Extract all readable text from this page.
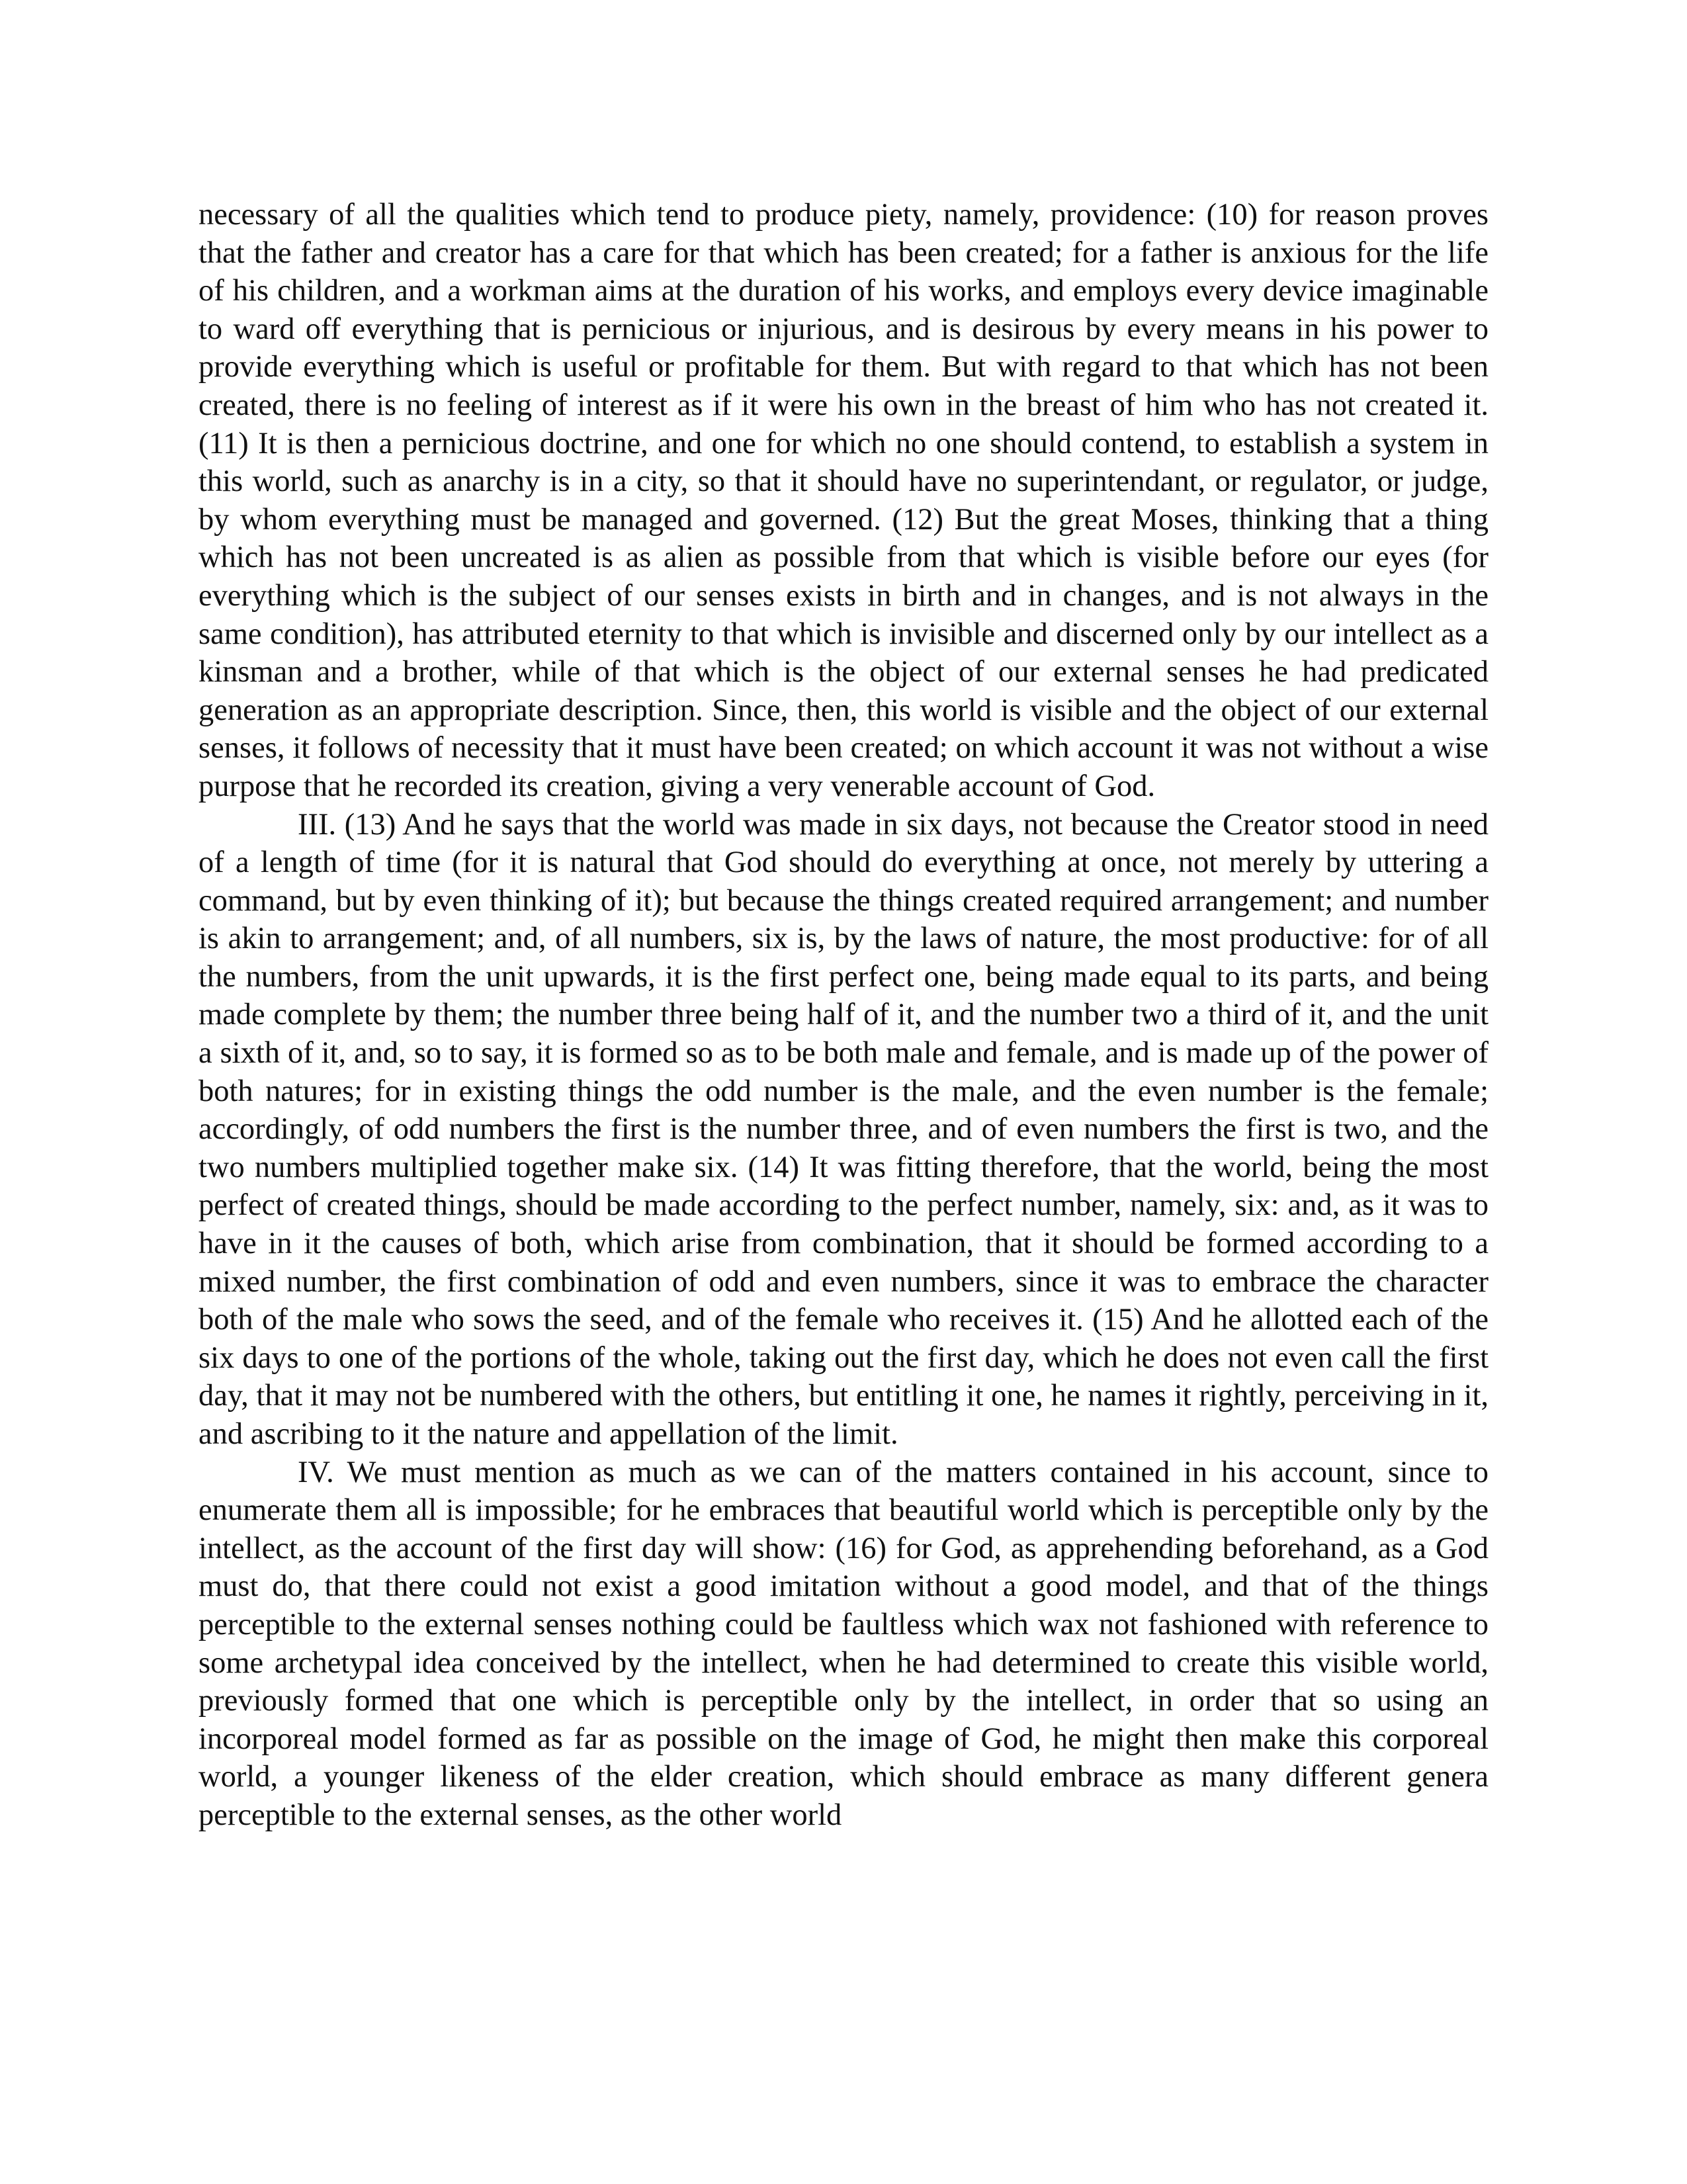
necessary of all the qualities which tend to produce piety, namely, providence: (10) for reason proves that the father and creator has a care for that which has been created; for a father is anxious for the life of his children, and a workman aims at the duration of his works, and employs every device imaginable to ward off everything that is pernicious or injurious, and is desirous by every means in his power to provide everything which is useful or profitable for them. But with regard to that which has not been created, there is no feeling of interest as if it were his own in the breast of him who has not created it. (11) It is then a pernicious doctrine, and one for which no one should contend, to establish a system in this world, such as anarchy is in a city, so that it should have no superintendant, or regulator, or judge, by whom everything must be managed and governed. (12) But the great Moses, thinking that a thing which has not been uncreated is as alien as possible from that which is visible before our eyes (for everything which is the subject of our senses exists in birth and in changes, and is not always in the same condition), has attributed eternity to that which is invisible and discerned only by our intellect as a kinsman and a brother, while of that which is the object of our external senses he had predicated generation as an appropriate description. Since, then, this world is visible and the object of our external senses, it follows of necessity that it must have been created; on which account it was not without a wise purpose that he recorded its creation, giving a very venerable account of God.

III. (13) And he says that the world was made in six days, not because the Creator stood in need of a length of time (for it is natural that God should do everything at once, not merely by uttering a command, but by even thinking of it); but because the things created required arrangement; and number is akin to arrangement; and, of all numbers, six is, by the laws of nature, the most productive: for of all the numbers, from the unit upwards, it is the first perfect one, being made equal to its parts, and being made complete by them; the number three being half of it, and the number two a third of it, and the unit a sixth of it, and, so to say, it is formed so as to be both male and female, and is made up of the power of both natures; for in existing things the odd number is the male, and the even number is the female; accordingly, of odd numbers the first is the number three, and of even numbers the first is two, and the two numbers multiplied together make six. (14) It was fitting therefore, that the world, being the most perfect of created things, should be made according to the perfect number, namely, six: and, as it was to have in it the causes of both, which arise from combination, that it should be formed according to a mixed number, the first combination of odd and even numbers, since it was to embrace the character both of the male who sows the seed, and of the female who receives it. (15) And he allotted each of the six days to one of the portions of the whole, taking out the first day, which he does not even call the first day, that it may not be numbered with the others, but entitling it one, he names it rightly, perceiving in it, and ascribing to it the nature and appellation of the limit.

IV. We must mention as much as we can of the matters contained in his account, since to enumerate them all is impossible; for he embraces that beautiful world which is perceptible only by the intellect, as the account of the first day will show: (16) for God, as apprehending beforehand, as a God must do, that there could not exist a good imitation without a good model, and that of the things perceptible to the external senses nothing could be faultless which wax not fashioned with reference to some archetypal idea conceived by the intellect, when he had determined to create this visible world, previously formed that one which is perceptible only by the intellect, in order that so using an incorporeal model formed as far as possible on the image of God, he might then make this corporeal world, a younger likeness of the elder creation, which should embrace as many different genera perceptible to the external senses, as the other world
